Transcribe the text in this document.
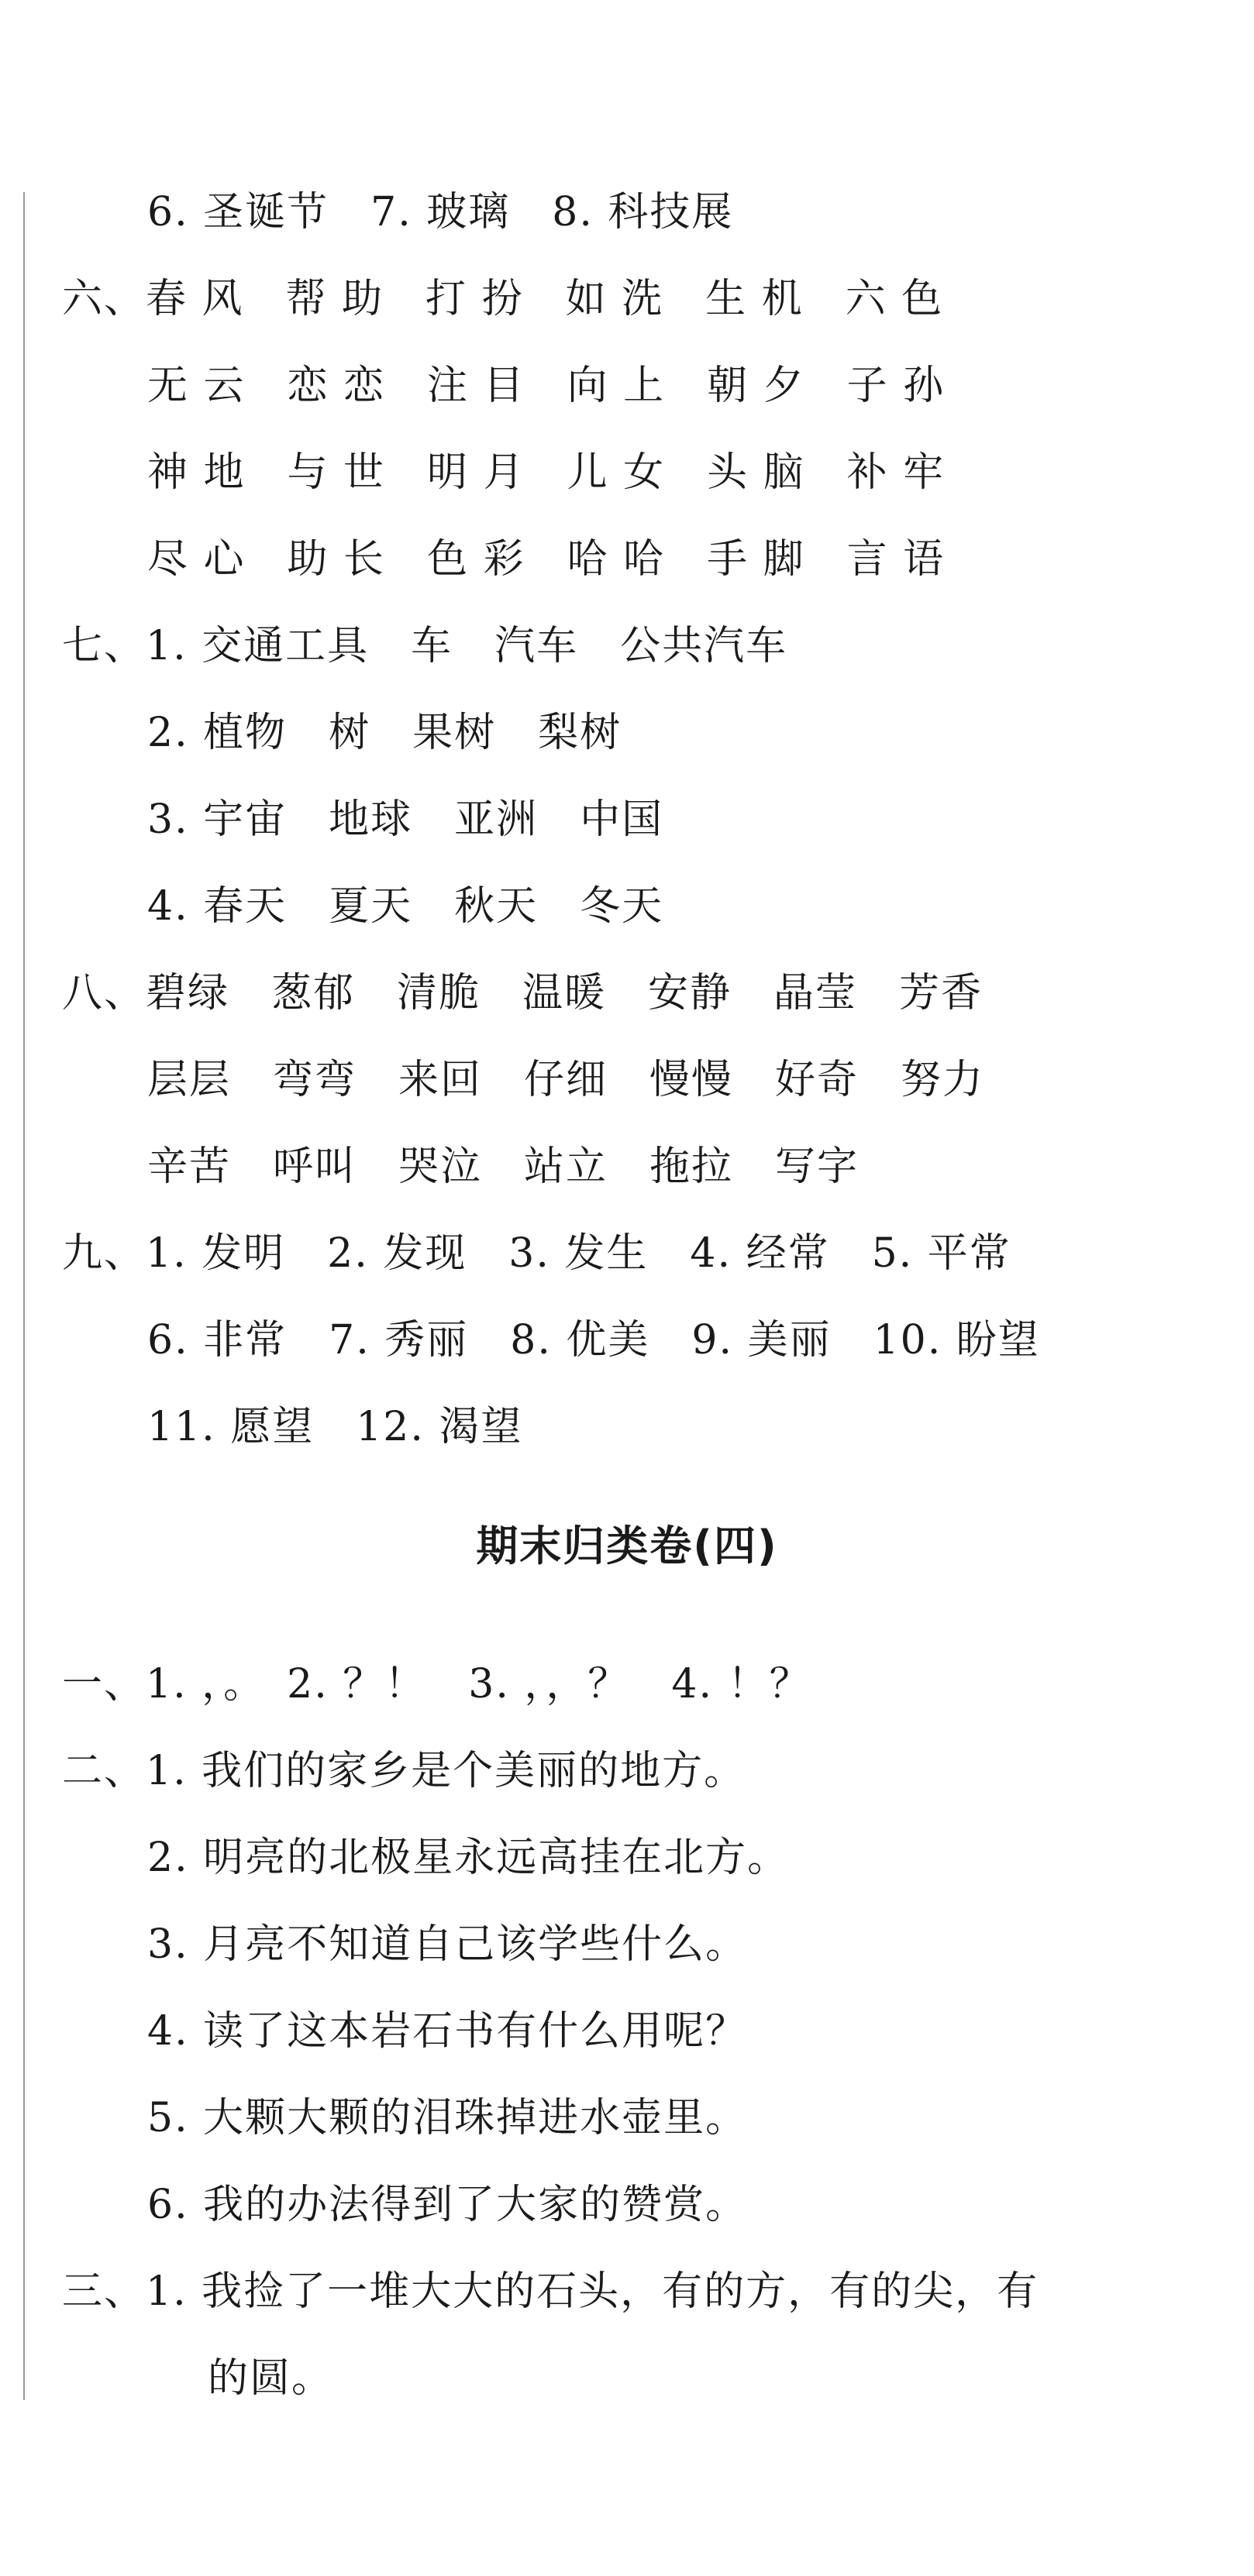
6. 圣诞节　7. 玻璃　8. 科技展
六、春 风　帮 助　打 扮　如 洗　生 机　六 色
无 云　恋 恋　注 目　向 上　朝 夕　子 孙
神 地　与 世　明 月　儿 女　头 脑　补 牢
尽 心　助 长　色 彩　哈 哈　手 脚　言 语
七、1. 交通工具　车　汽车　公共汽车
2. 植物　树　果树　梨树
3. 宇宙　地球　亚洲　中国
4. 春天　夏天　秋天　冬天
八、碧绿　葱郁　清脆　温暖　安静　晶莹　芳香
层层　弯弯　来回　仔细　慢慢　好奇　努力
辛苦　呼叫　哭泣　站立　拖拉　写字
九、1. 发明　2. 发现　3. 发生　4. 经常　5. 平常
6. 非常　7. 秀丽　8. 优美　9. 美丽　10. 盼望
11. 愿望　12. 渴望
期末归类卷(四)
一、1. ，。　2. ？！　3. ，，？　4. ！？
二、1. 我们的家乡是个美丽的地方。
2. 明亮的北极星永远高挂在北方。
3. 月亮不知道自己该学些什么。
4. 读了这本岩石书有什么用呢？
5. 大颗大颗的泪珠掉进水壶里。
6. 我的办法得到了大家的赞赏。
三、1. 我捡了一堆大大的石头，有的方，有的尖，有
的圆。
